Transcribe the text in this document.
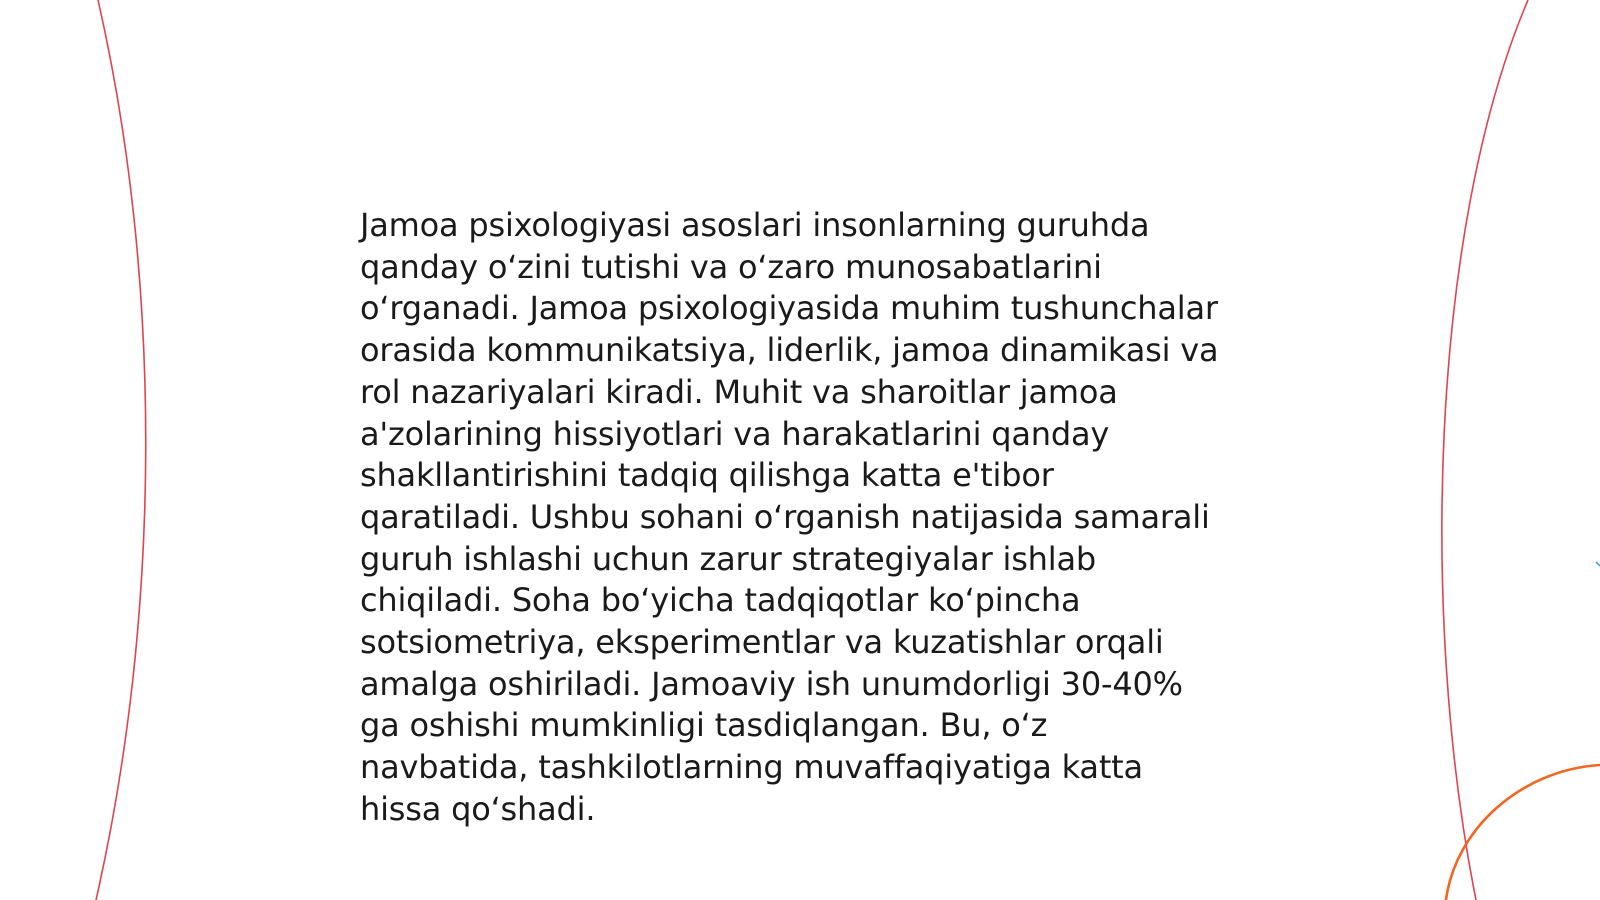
Jamoa psixologiyasi asoslari insonlarning guruhda
qanday o‘zini tutishi va o‘zaro munosabatlarini
o‘rganadi. Jamoa psixologiyasida muhim tushunchalar
orasida kommunikatsiya, liderlik, jamoa dinamikasi va
rol nazariyalari kiradi. Muhit va sharoitlar jamoa
a'zolarining hissiyotlari va harakatlarini qanday
shakllantirishini tadqiq qilishga katta e'tibor
qaratiladi. Ushbu sohani o‘rganish natijasida samarali
guruh ishlashi uchun zarur strategiyalar ishlab
chiqiladi. Soha bo‘yicha tadqiqotlar ko‘pincha
sotsiometriya, eksperimentlar va kuzatishlar orqali
amalga oshiriladi. Jamoaviy ish unumdorligi 30-40%
ga oshishi mumkinligi tasdiqlangan. Bu, o‘z
navbatida, tashkilotlarning muvaffaqiyatiga katta
hissa qo‘shadi.
